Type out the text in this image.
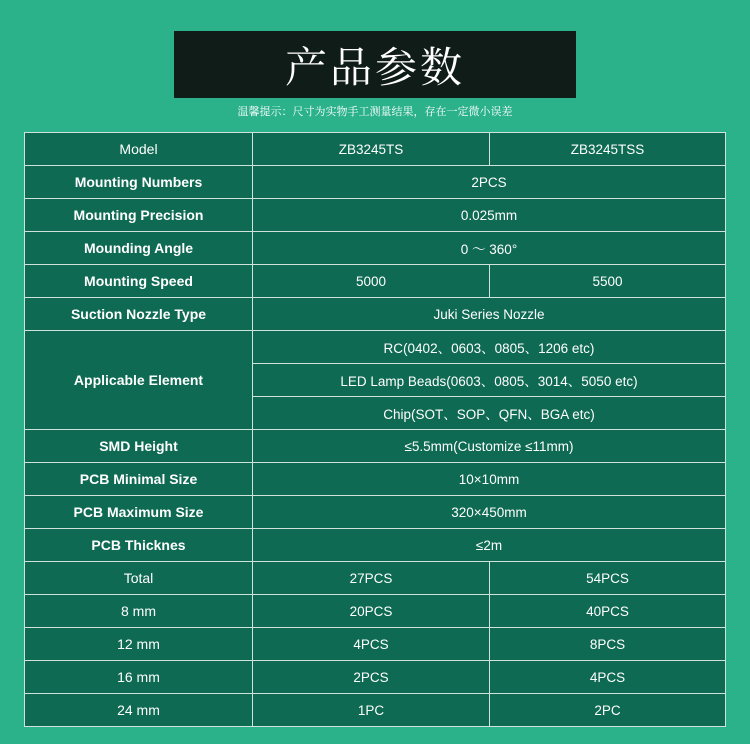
产品参数
温馨提示：尺寸为实物手工测量结果，存在一定微小误差
Model	ZB3245TS	ZB3245TSS
Mounting Numbers	2PCS	
Mounting Precision	0.025mm	
Mounding Angle	0 ～ 360°	
Mounting Speed	5000	5500
Suction Nozzle Type	Juki Series Nozzle	
Applicable Element	RC(0402、0603、0805、1206 etc)	
	LED Lamp Beads(0603、0805、3014、5050 etc)	
	Chip(SOT、SOP、QFN、BGA etc)	
SMD Height	≤5.5mm(Customize ≤11mm)	
PCB Minimal Size	10×10mm	
PCB Maximum Size	320×450mm	
PCB Thicknes	≤2m	
Total	27PCS	54PCS
8 mm	20PCS	40PCS
12 mm	4PCS	8PCS
16 mm	2PCS	4PCS
24 mm	1PC	2PC
